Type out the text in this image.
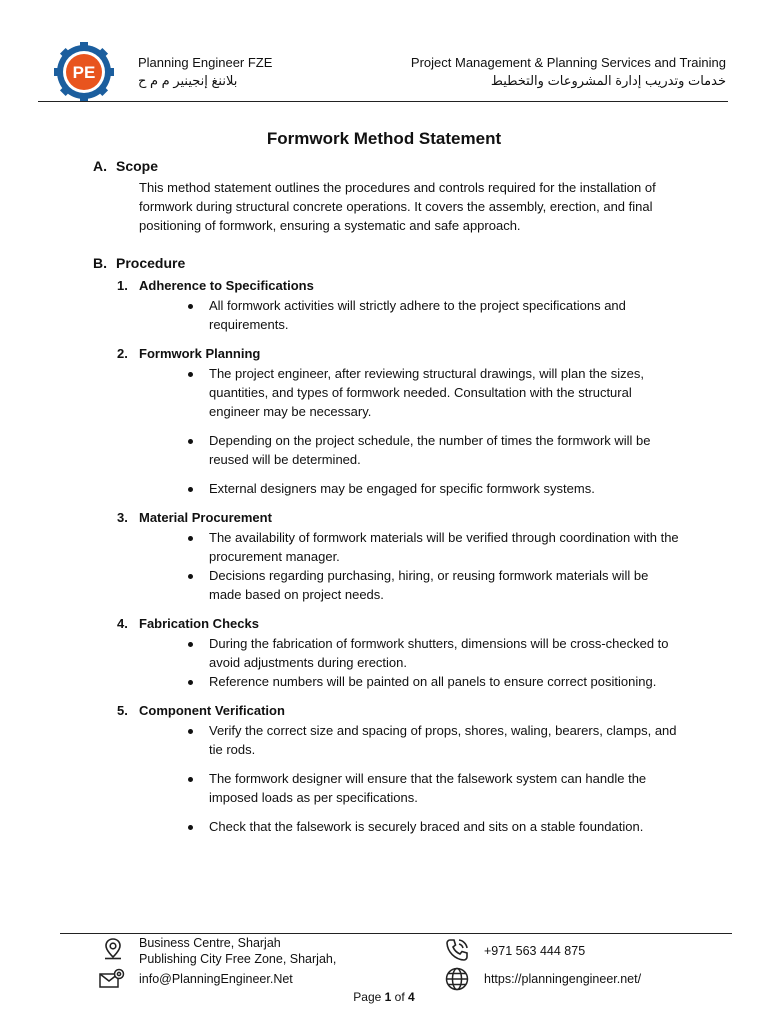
PE
Planning Engineer FZE
بلاننغ إنجينير م م ح
Project Management & Planning Services and Training
خدمات وتدريب إدارة المشروعات والتخطيط
Formwork Method Statement
A. Scope
This method statement outlines the procedures and controls required for the installation of formwork during structural concrete operations. It covers the assembly, erection, and final positioning of formwork, ensuring a systematic and safe approach.
B. Procedure
1. Adherence to Specifications
All formwork activities will strictly adhere to the project specifications and requirements.
2. Formwork Planning
The project engineer, after reviewing structural drawings, will plan the sizes, quantities, and types of formwork needed. Consultation with the structural engineer may be necessary.
Depending on the project schedule, the number of times the formwork will be reused will be determined.
External designers may be engaged for specific formwork systems.
3. Material Procurement
The availability of formwork materials will be verified through coordination with the procurement manager.
Decisions regarding purchasing, hiring, or reusing formwork materials will be made based on project needs.
4. Fabrication Checks
During the fabrication of formwork shutters, dimensions will be cross-checked to avoid adjustments during erection.
Reference numbers will be painted on all panels to ensure correct positioning.
5. Component Verification
Verify the correct size and spacing of props, shores, waling, bearers, clamps, and tie rods.
The formwork designer will ensure that the falsework system can handle the imposed loads as per specifications.
Check that the falsework is securely braced and sits on a stable foundation.
Business Centre, Sharjah
Publishing City Free Zone, Sharjah,
info@PlanningEngineer.Net
+971 563 444 875
https://planningengineer.net/
Page 1 of 4
